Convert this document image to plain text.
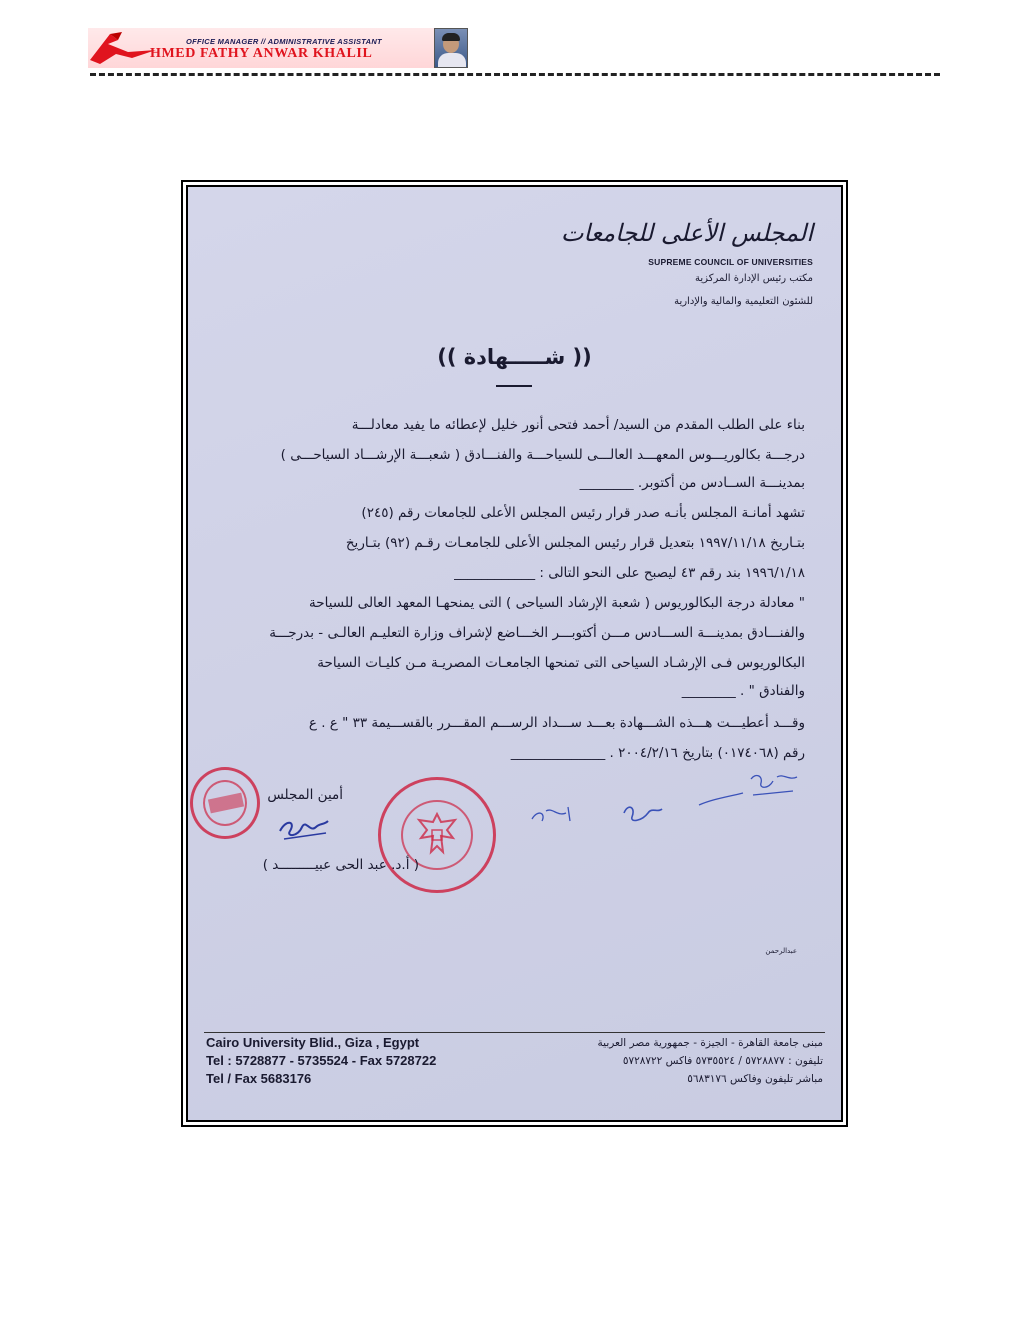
OFFICE MANAGER // ADMINISTRATIVE ASSISTANT
HMED FATHY ANWAR KHALIL
المجلس الأعلى للجامعات
SUPREME COUNCIL OF UNIVERSITIES
مكتب رئيس الإدارة المركزية
للشئون التعليمية والمالية والإدارية
(( شـــــهادة ))
بناء على الطلب المقدم من السيد/ أحمد فتحى أنور خليل لإعطائه ما يفيد معادلـــة
درجـــة بكالوريـــوس المعهـــد العالـــى للسياحـــة والفنـــادق ( شعبـــة الإرشـــاد السياحـــى )
بمدينـــة الســادس من أكتوبر. ________
تشهد أمانـة المجلس بأنـه صدر قرار رئيس المجلس الأعلى للجامعات رقم (٢٤٥)
بتـاريخ ١٩٩٧/١١/١٨ بتعديل قرار رئيس المجلس الأعلى للجامعـات رقـم (٩٢) بتـاريخ
١٩٩٦/١/١٨ بند رقم ٤٣ ليصبح على النحو التالى : ____________
" معادلة درجة البكالوريوس ( شعبة الإرشاد السياحى ) التى يمنحهـا المعهد العالى للسياحة
والفنـــادق بمدينـــة الســـادس مـــن أكتوبـــر الخـــاضع لإشراف وزارة التعليـم العالـى - بدرجـــة
البكالوريوس فـى الإرشـاد السياحى التى تمنحها الجامعـات المصريـة مـن كليـات السياحة
والفنادق " . ________
وقـــد أعطيـــت هـــذه الشـــهادة بعـــد ســـداد الرســـم المقـــرر بالقســـيمة ٣٣ " ع . ع
رقم (٠١٧٤٠٦٨) بتاريخ ٢٠٠٤/٢/١٦ . ______________
أمين المجلس
( أ.د. عبد الحى عبيـــــــــد )
عبدالرحمن
Cairo University Blid., Giza , Egypt
Tel : 5728877 - 5735524 - Fax 5728722
Tel / Fax 5683176
مبنى جامعة القاهرة - الجيزة - جمهورية مصر العربية
تليفون : ٥٧٢٨٨٧٧ / ٥٧٣٥٥٢٤ فاكس ٥٧٢٨٧٢٢
مباشر تليفون وفاكس ٥٦٨٣١٧٦
